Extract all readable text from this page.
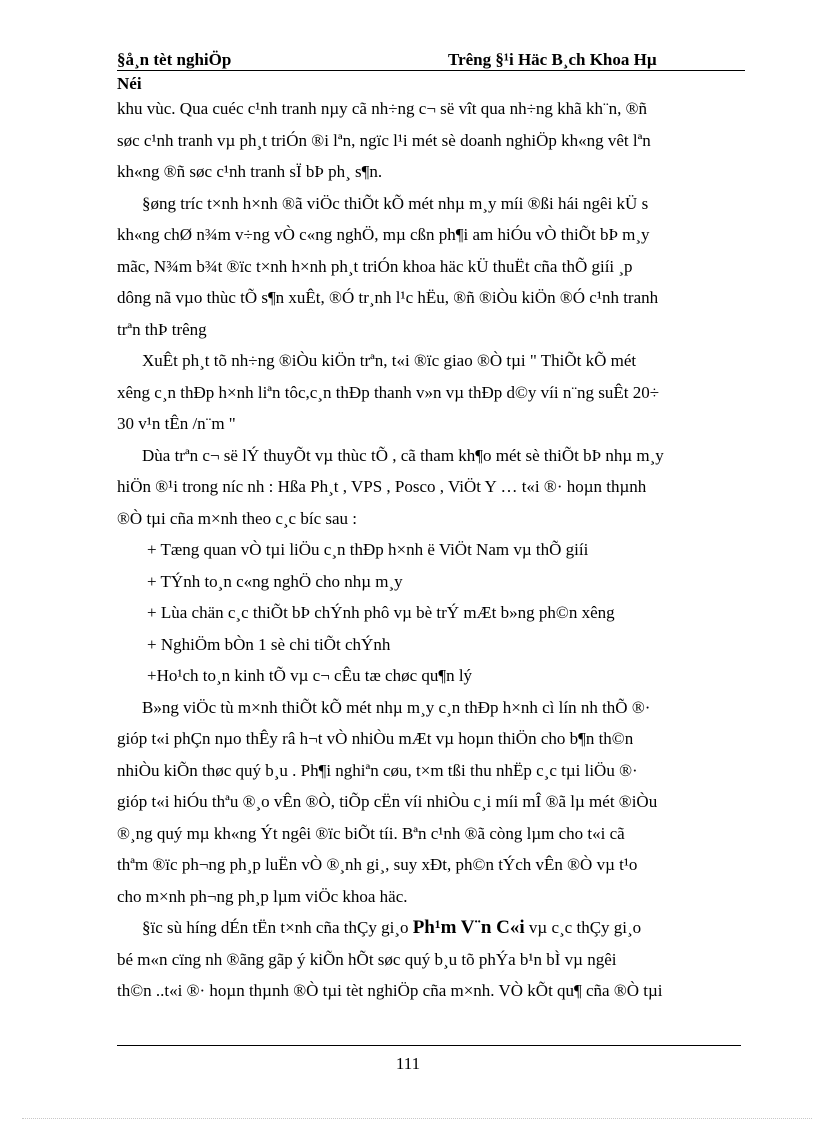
§å¸n tèt nghiÖp	Trêng §¹i Häc B¸ch Khoa Hµ
Néi
khu vùc. Qua cuéc c¹nh tranh nµy cã nh÷ng c¬ së vît qua nh÷ng khã kh¨n, ®ñ
søc c¹nh tranh vµ ph¸t triÓn ®i lªn, ngïc l¹i mét sè doanh nghiÖp kh«ng vêt lªn
kh«ng ®ñ søc c¹nh tranh sÏ bÞ ph¸ s¶n.
§øng tríc t×nh h×nh ®ã viÖc thiÕt kÕ mét nhµ m¸y míi ®ßi hái ngêi kÜ s
kh«ng chØ n¾m v÷ng vÒ c«ng nghÖ, mµ cßn ph¶i am hiÓu vÒ thiÕt bÞ m¸y
mãc, N¾m b¾t ®ïc t×nh h×nh ph¸t triÓn khoa häc kÜ thuËt cña thÕ giíi ¸p
dông nã vµo thùc tÕ s¶n xuÊt, ®Ó tr¸nh l¹c hËu, ®ñ ®iÒu kiÖn ®Ó c¹nh tranh
trªn thÞ trêng
XuÊt ph¸t tõ nh÷ng ®iÒu kiÖn trªn, t«i ®ïc giao ®Ò tµi " ThiÕt kÕ mét
xêng c¸n thÐp h×nh liªn tôc,c¸n thÐp thanh v»n vµ thÐp d©y víi n¨ng suÊt 20÷
30 v¹n tÊn /n¨m "
Dùa trªn c¬ së lÝ thuyÕt vµ thùc tÕ , cã tham kh¶o mét sè thiÕt bÞ nhµ m¸y
hiÖn ®¹i trong níc nh : Hßa Ph¸t , VPS , Posco , ViÖt Y … t«i ®· hoµn thµnh
®Ò tµi cña m×nh theo c¸c bíc sau :
+ Tæng quan vÒ tµi liÖu c¸n thÐp h×nh ë ViÖt Nam vµ thÕ giíi
+ TÝnh to¸n c«ng nghÖ cho nhµ m¸y
+ Lùa chän c¸c thiÕt bÞ chÝnh phô vµ bè trÝ mÆt b»ng ph©n xêng
+ NghiÖm bÒn 1 sè chi tiÕt chÝnh
+Ho¹ch to¸n kinh tÕ vµ c¬ cÊu tæ chøc qu¶n lý
B»ng viÖc tù m×nh thiÕt kÕ mét nhµ m¸y c¸n thÐp h×nh cì lín nh thÕ ®·
gióp t«i phÇn nµo thÊy râ h¬t vÒ nhiÒu mÆt vµ hoµn thiÖn cho b¶n th©n
nhiÒu kiÕn thøc quý b¸u . Ph¶i nghiªn cøu, t×m tßi thu nhËp c¸c tµi liÖu ®·
gióp t«i hiÓu thªu ®¸o vÊn ®Ò, tiÕp cËn víi nhiÒu c¸i míi mÎ ®ã lµ mét ®iÒu
®¸ng quý mµ kh«ng Ýt ngêi ®ïc biÕt tíi. Bªn c¹nh ®ã còng lµm cho t«i cã
thªm ®ïc ph¬ng ph¸p luËn vÒ ®¸nh gi¸, suy xÐt, ph©n tÝch vÊn ®Ò vµ t¹o
cho m×nh ph¬ng ph¸p lµm viÖc khoa häc.
§ïc sù híng dÉn tËn t×nh cña thÇy gi¸o Ph¹m V¨n C«i vµ c¸c thÇy gi¸o
bé m«n cïng nh ®ãng gãp ý kiÕn hÕt søc quý b¸u tõ phÝa b¹n bÌ vµ ngêi
th©n ..t«i ®· hoµn thµnh ®Ò tµi tèt nghiÖp cña m×nh. VÒ kÕt qu¶ cña ®Ò tµi
111
